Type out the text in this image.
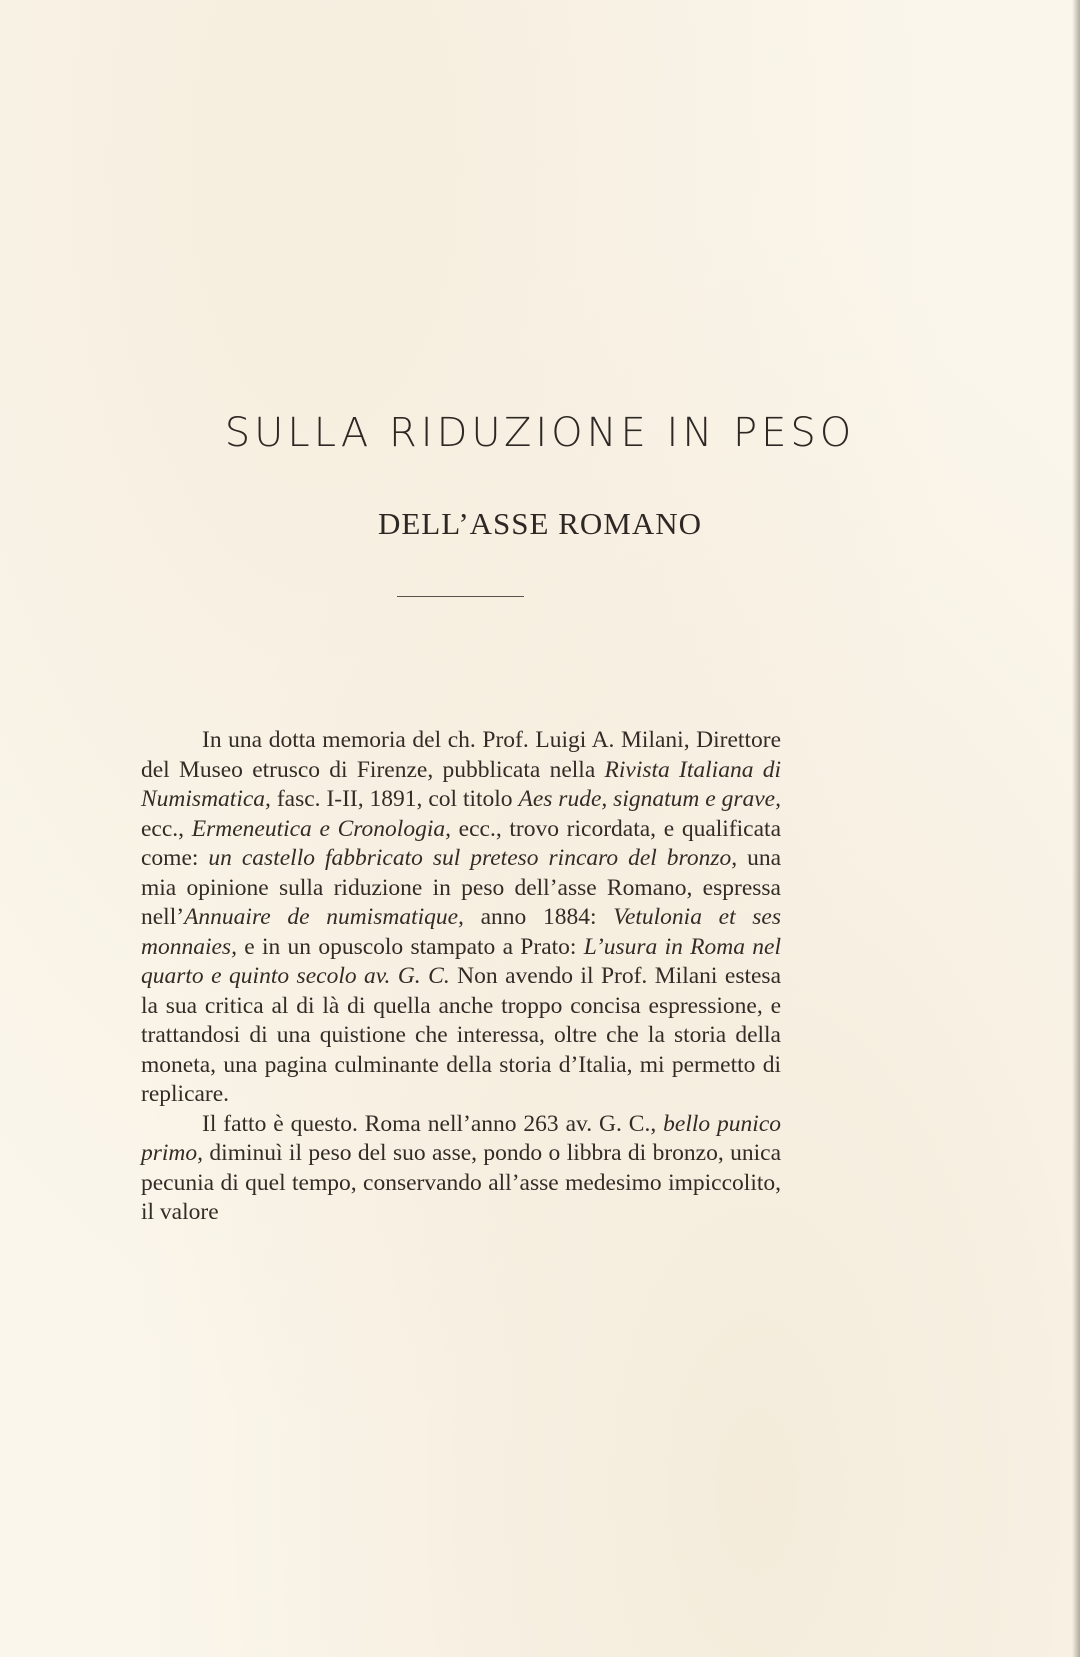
SULLA RIDUZIONE IN PESO
DELL’ASSE ROMANO

In una dotta memoria del ch. Prof. Luigi A. Milani, Direttore del Museo etrusco di Firenze, pubblicata nella Rivista Italiana di Numismatica, fasc. I-II, 1891, col titolo Aes rude, signatum e grave, ecc., Ermeneutica e Cronologia, ecc., trovo ricordata, e qualificata come: un castello fabbricato sul preteso rincaro del bronzo, una mia opinione sulla riduzione in peso dell’asse Romano, espressa nell’Annuaire de numismatique, anno 1884: Vetulonia et ses monnaies, e in un opuscolo stampato a Prato: L’usura in Roma nel quarto e quinto secolo av. G. C. Non avendo il Prof. Milani estesa la sua critica al di là di quella anche troppo concisa espressione, e trattandosi di una quistione che interessa, oltre che la storia della moneta, una pagina culminante della storia d’Italia, mi permetto di replicare.

Il fatto è questo. Roma nell’anno 263 av. G. C., bello punico primo, diminuì il peso del suo asse, pondo o libbra di bronzo, unica pecunia di quel tempo, conservando all’asse medesimo impiccolito, il valore
